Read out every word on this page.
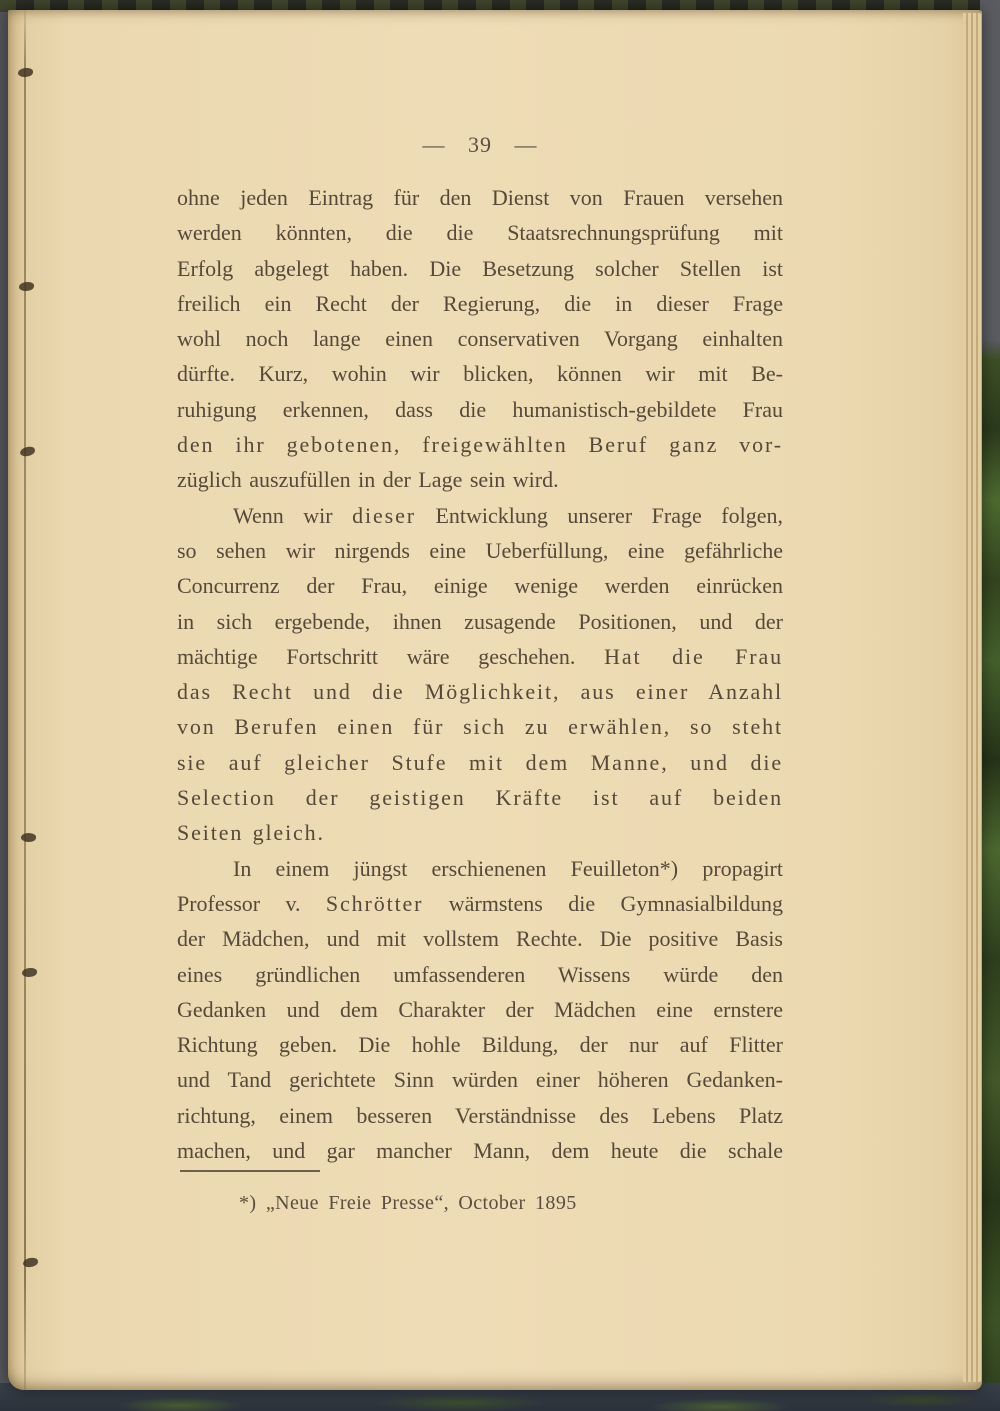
— 39 —
ohne jeden Eintrag für den Dienst von Frauen versehen
werden könnten, die die Staatsrechnungsprüfung mit
Erfolg abgelegt haben. Die Besetzung solcher Stellen ist
freilich ein Recht der Regierung, die in dieser Frage
wohl noch lange einen conservativen Vorgang einhalten
dürfte. Kurz, wohin wir blicken, können wir mit Be-
ruhigung erkennen, dass die humanistisch-gebildete Frau
den ihr gebotenen, freigewählten Beruf ganz vor-
züglich auszufüllen in der Lage sein wird.
Wenn wir dieser Entwicklung unserer Frage folgen,
so sehen wir nirgends eine Ueberfüllung, eine gefährliche
Concurrenz der Frau, einige wenige werden einrücken
in sich ergebende, ihnen zusagende Positionen, und der
mächtige Fortschritt wäre geschehen. Hat die Frau
das Recht und die Möglichkeit, aus einer Anzahl
von Berufen einen für sich zu erwählen, so steht
sie auf gleicher Stufe mit dem Manne, und die
Selection der geistigen Kräfte ist auf beiden
Seiten gleich.
In einem jüngst erschienenen Feuilleton*) propagirt
Professor v. Schrötter wärmstens die Gymnasialbildung
der Mädchen, und mit vollstem Rechte. Die positive Basis
eines gründlichen umfassenderen Wissens würde den
Gedanken und dem Charakter der Mädchen eine ernstere
Richtung geben. Die hohle Bildung, der nur auf Flitter
und Tand gerichtete Sinn würden einer höheren Gedanken-
richtung, einem besseren Verständnisse des Lebens Platz
machen, und gar mancher Mann, dem heute die schale
*) „Neue Freie Presse“, October 1895
